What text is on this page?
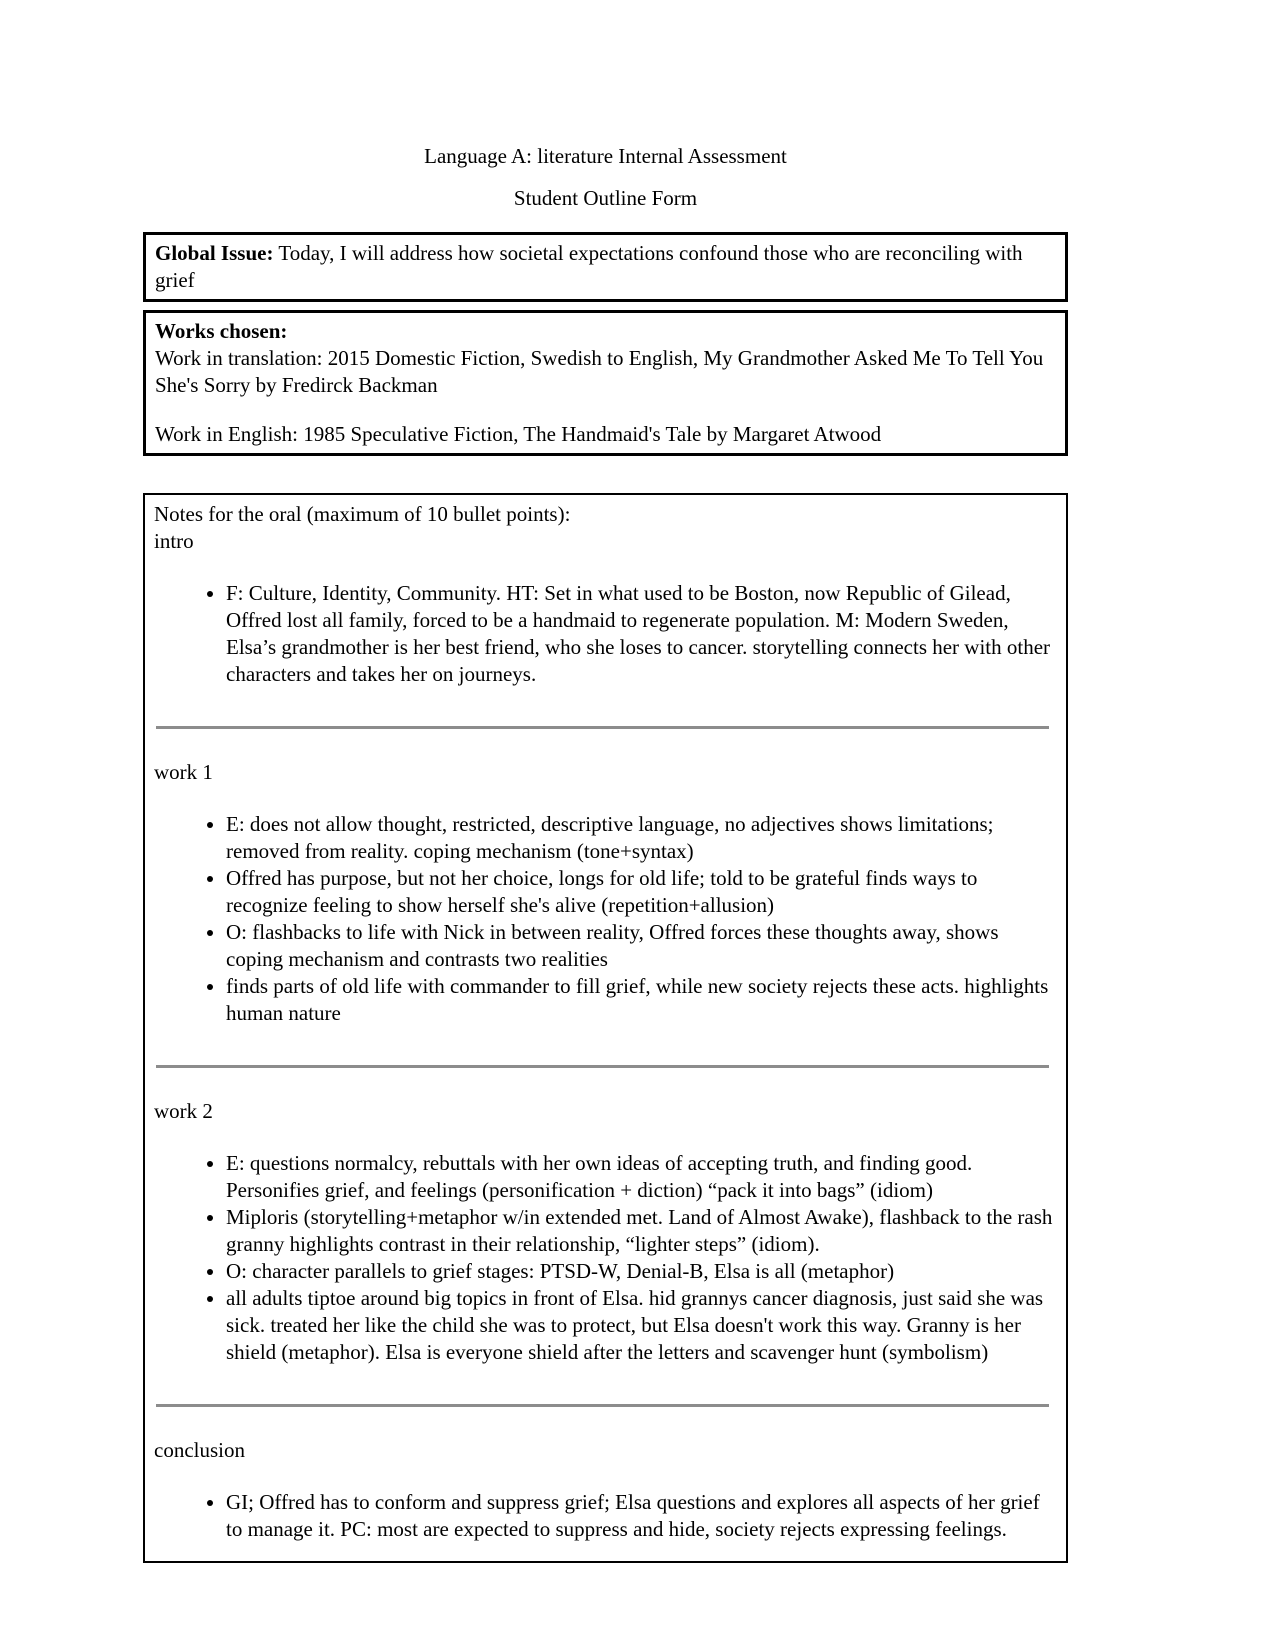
Language A: literature Internal Assessment

Student Outline Form

Global Issue: Today, I will address how societal expectations confound those who are reconciling with grief

Works chosen:

Work in translation: 2015 Domestic Fiction, Swedish to English, My Grandmother Asked Me To Tell You She's Sorry by Fredirck Backman

Work in English: 1985 Speculative Fiction, The Handmaid's Tale by Margaret Atwood

Notes for the oral (maximum of 10 bullet points):

intro

• F: Culture, Identity, Community. HT: Set in what used to be Boston, now Republic of Gilead, Offred lost all family, forced to be a handmaid to regenerate population. M: Modern Sweden, Elsa’s grandmother is her best friend, who she loses to cancer. storytelling connects her with other characters and takes her on journeys.

work 1

• E: does not allow thought, restricted, descriptive language, no adjectives shows limitations; removed from reality. coping mechanism (tone+syntax)
• Offred has purpose, but not her choice, longs for old life; told to be grateful finds ways to recognize feeling to show herself she's alive (repetition+allusion)
• O: flashbacks to life with Nick in between reality, Offred forces these thoughts away, shows coping mechanism and contrasts two realities
• finds parts of old life with commander to fill grief, while new society rejects these acts. highlights human nature

work 2

• E: questions normalcy, rebuttals with her own ideas of accepting truth, and finding good. Personifies grief, and feelings (personification + diction) “pack it into bags” (idiom)
• Miploris (storytelling+metaphor w/in extended met. Land of Almost Awake), flashback to the rash granny highlights contrast in their relationship, “lighter steps” (idiom).
• O: character parallels to grief stages: PTSD-W, Denial-B, Elsa is all (metaphor)
• all adults tiptoe around big topics in front of Elsa. hid grannys cancer diagnosis, just said she was sick. treated her like the child she was to protect, but Elsa doesn't work this way. Granny is her shield (metaphor). Elsa is everyone shield after the letters and scavenger hunt (symbolism)

conclusion

• GI; Offred has to conform and suppress grief; Elsa questions and explores all aspects of her grief to manage it. PC: most are expected to suppress and hide, society rejects expressing feelings.
